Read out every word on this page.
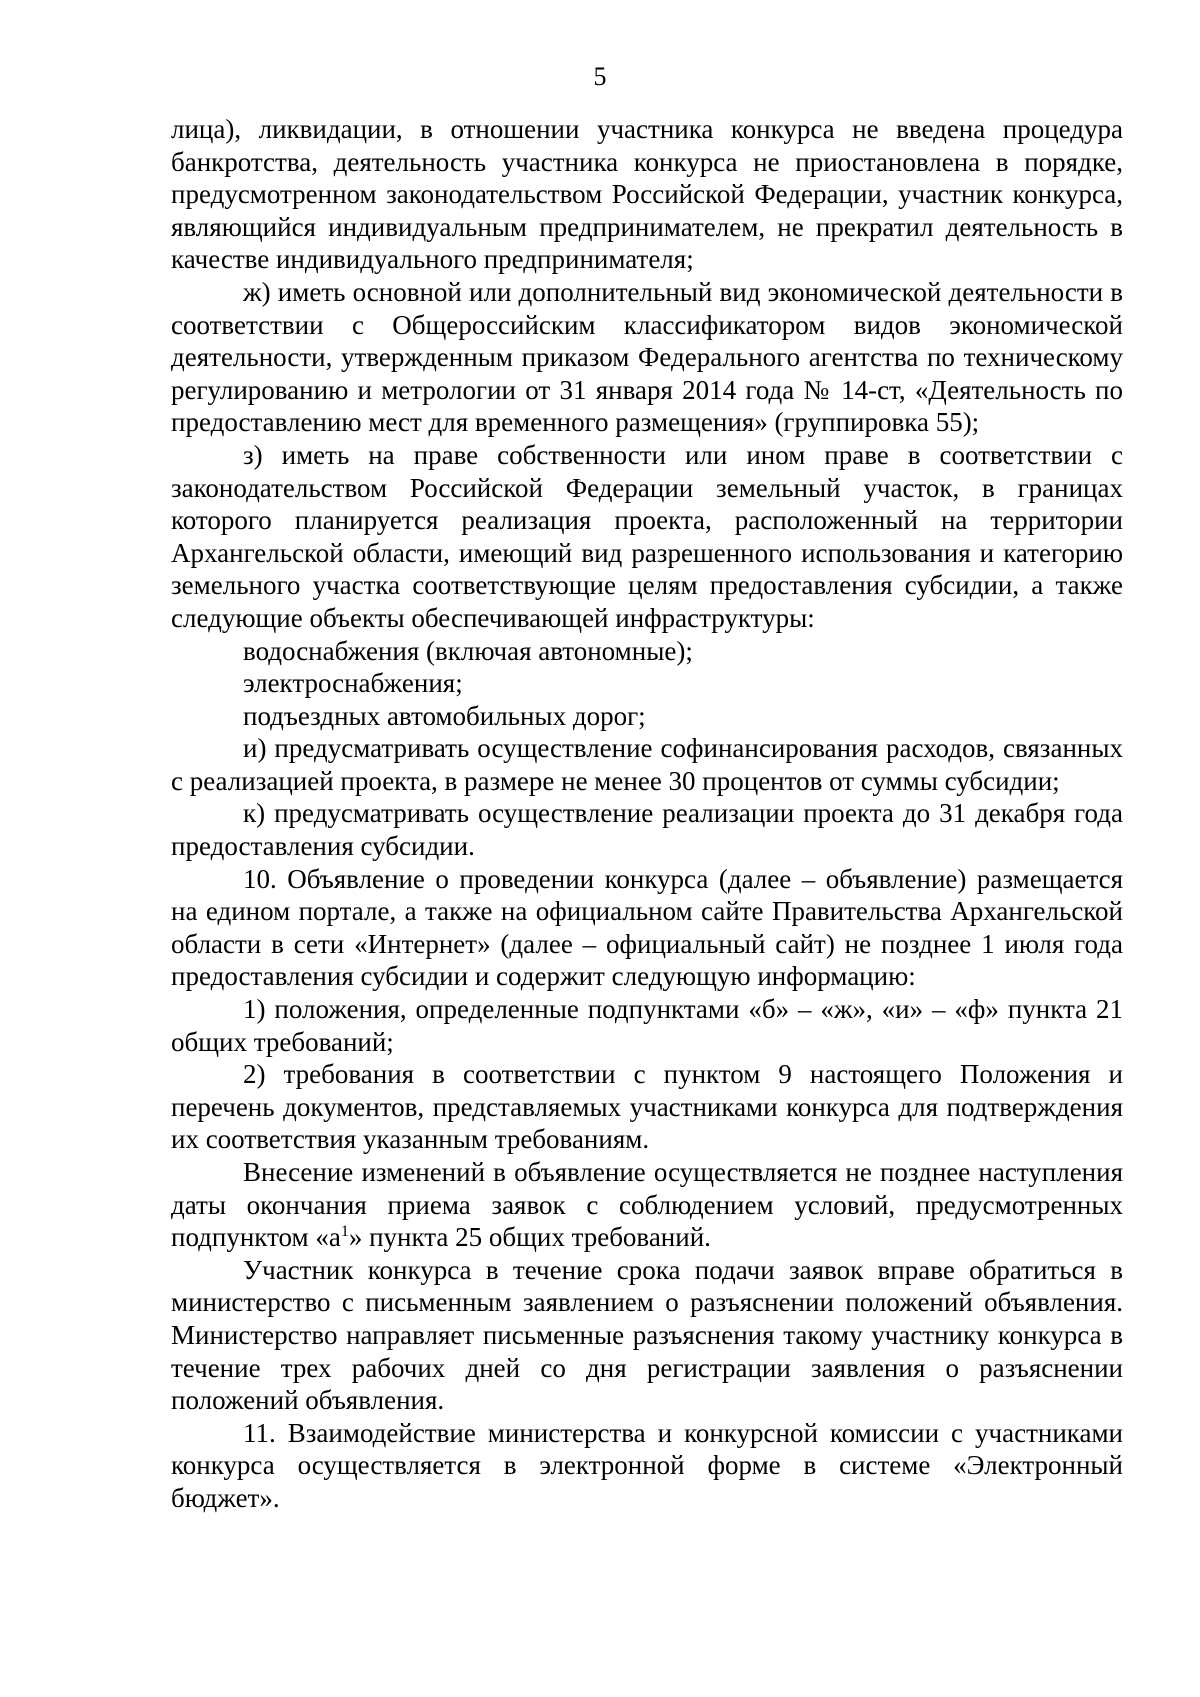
5

лица), ликвидации, в отношении участника конкурса не введена процедура банкротства, деятельность участника конкурса не приостановлена в порядке, предусмотренном законодательством Российской Федерации, участник конкурса, являющийся индивидуальным предпринимателем, не прекратил деятельность в качестве индивидуального предпринимателя;

ж) иметь основной или дополнительный вид экономической деятельности в соответствии с Общероссийским классификатором видов экономической деятельности, утвержденным приказом Федерального агентства по техническому регулированию и метрологии от 31 января 2014 года № 14-ст, «Деятельность по предоставлению мест для временного размещения» (группировка 55);

з) иметь на праве собственности или ином праве в соответствии с законодательством Российской Федерации земельный участок, в границах которого планируется реализация проекта, расположенный на территории Архангельской области, имеющий вид разрешенного использования и категорию земельного участка соответствующие целям предоставления субсидии, а также следующие объекты обеспечивающей инфраструктуры:

водоснабжения (включая автономные);

электроснабжения;

подъездных автомобильных дорог;

и) предусматривать осуществление софинансирования расходов, связанных с реализацией проекта, в размере не менее 30 процентов от суммы субсидии;

к) предусматривать осуществление реализации проекта до 31 декабря года предоставления субсидии.

10. Объявление о проведении конкурса (далее – объявление) размещается на едином портале, а также на официальном сайте Правительства Архангельской области в сети «Интернет» (далее – официальный сайт) не позднее 1 июля года предоставления субсидии и содержит следующую информацию:

1) положения, определенные подпунктами «б» – «ж», «и» – «ф» пункта 21 общих требований;

2) требования в соответствии с пунктом 9 настоящего Положения и перечень документов, представляемых участниками конкурса для подтверждения их соответствия указанным требованиям.

Внесение изменений в объявление осуществляется не позднее наступления даты окончания приема заявок с соблюдением условий, предусмотренных подпунктом «$а^1$» пункта 25 общих требований.

Участник конкурса в течение срока подачи заявок вправе обратиться в министерство с письменным заявлением о разъяснении положений объявления. Министерство направляет письменные разъяснения такому участнику конкурса в течение трех рабочих дней со дня регистрации заявления о разъяснении положений объявления.

11. Взаимодействие министерства и конкурсной комиссии с участниками конкурса осуществляется в электронной форме в системе «Электронный бюджет».
